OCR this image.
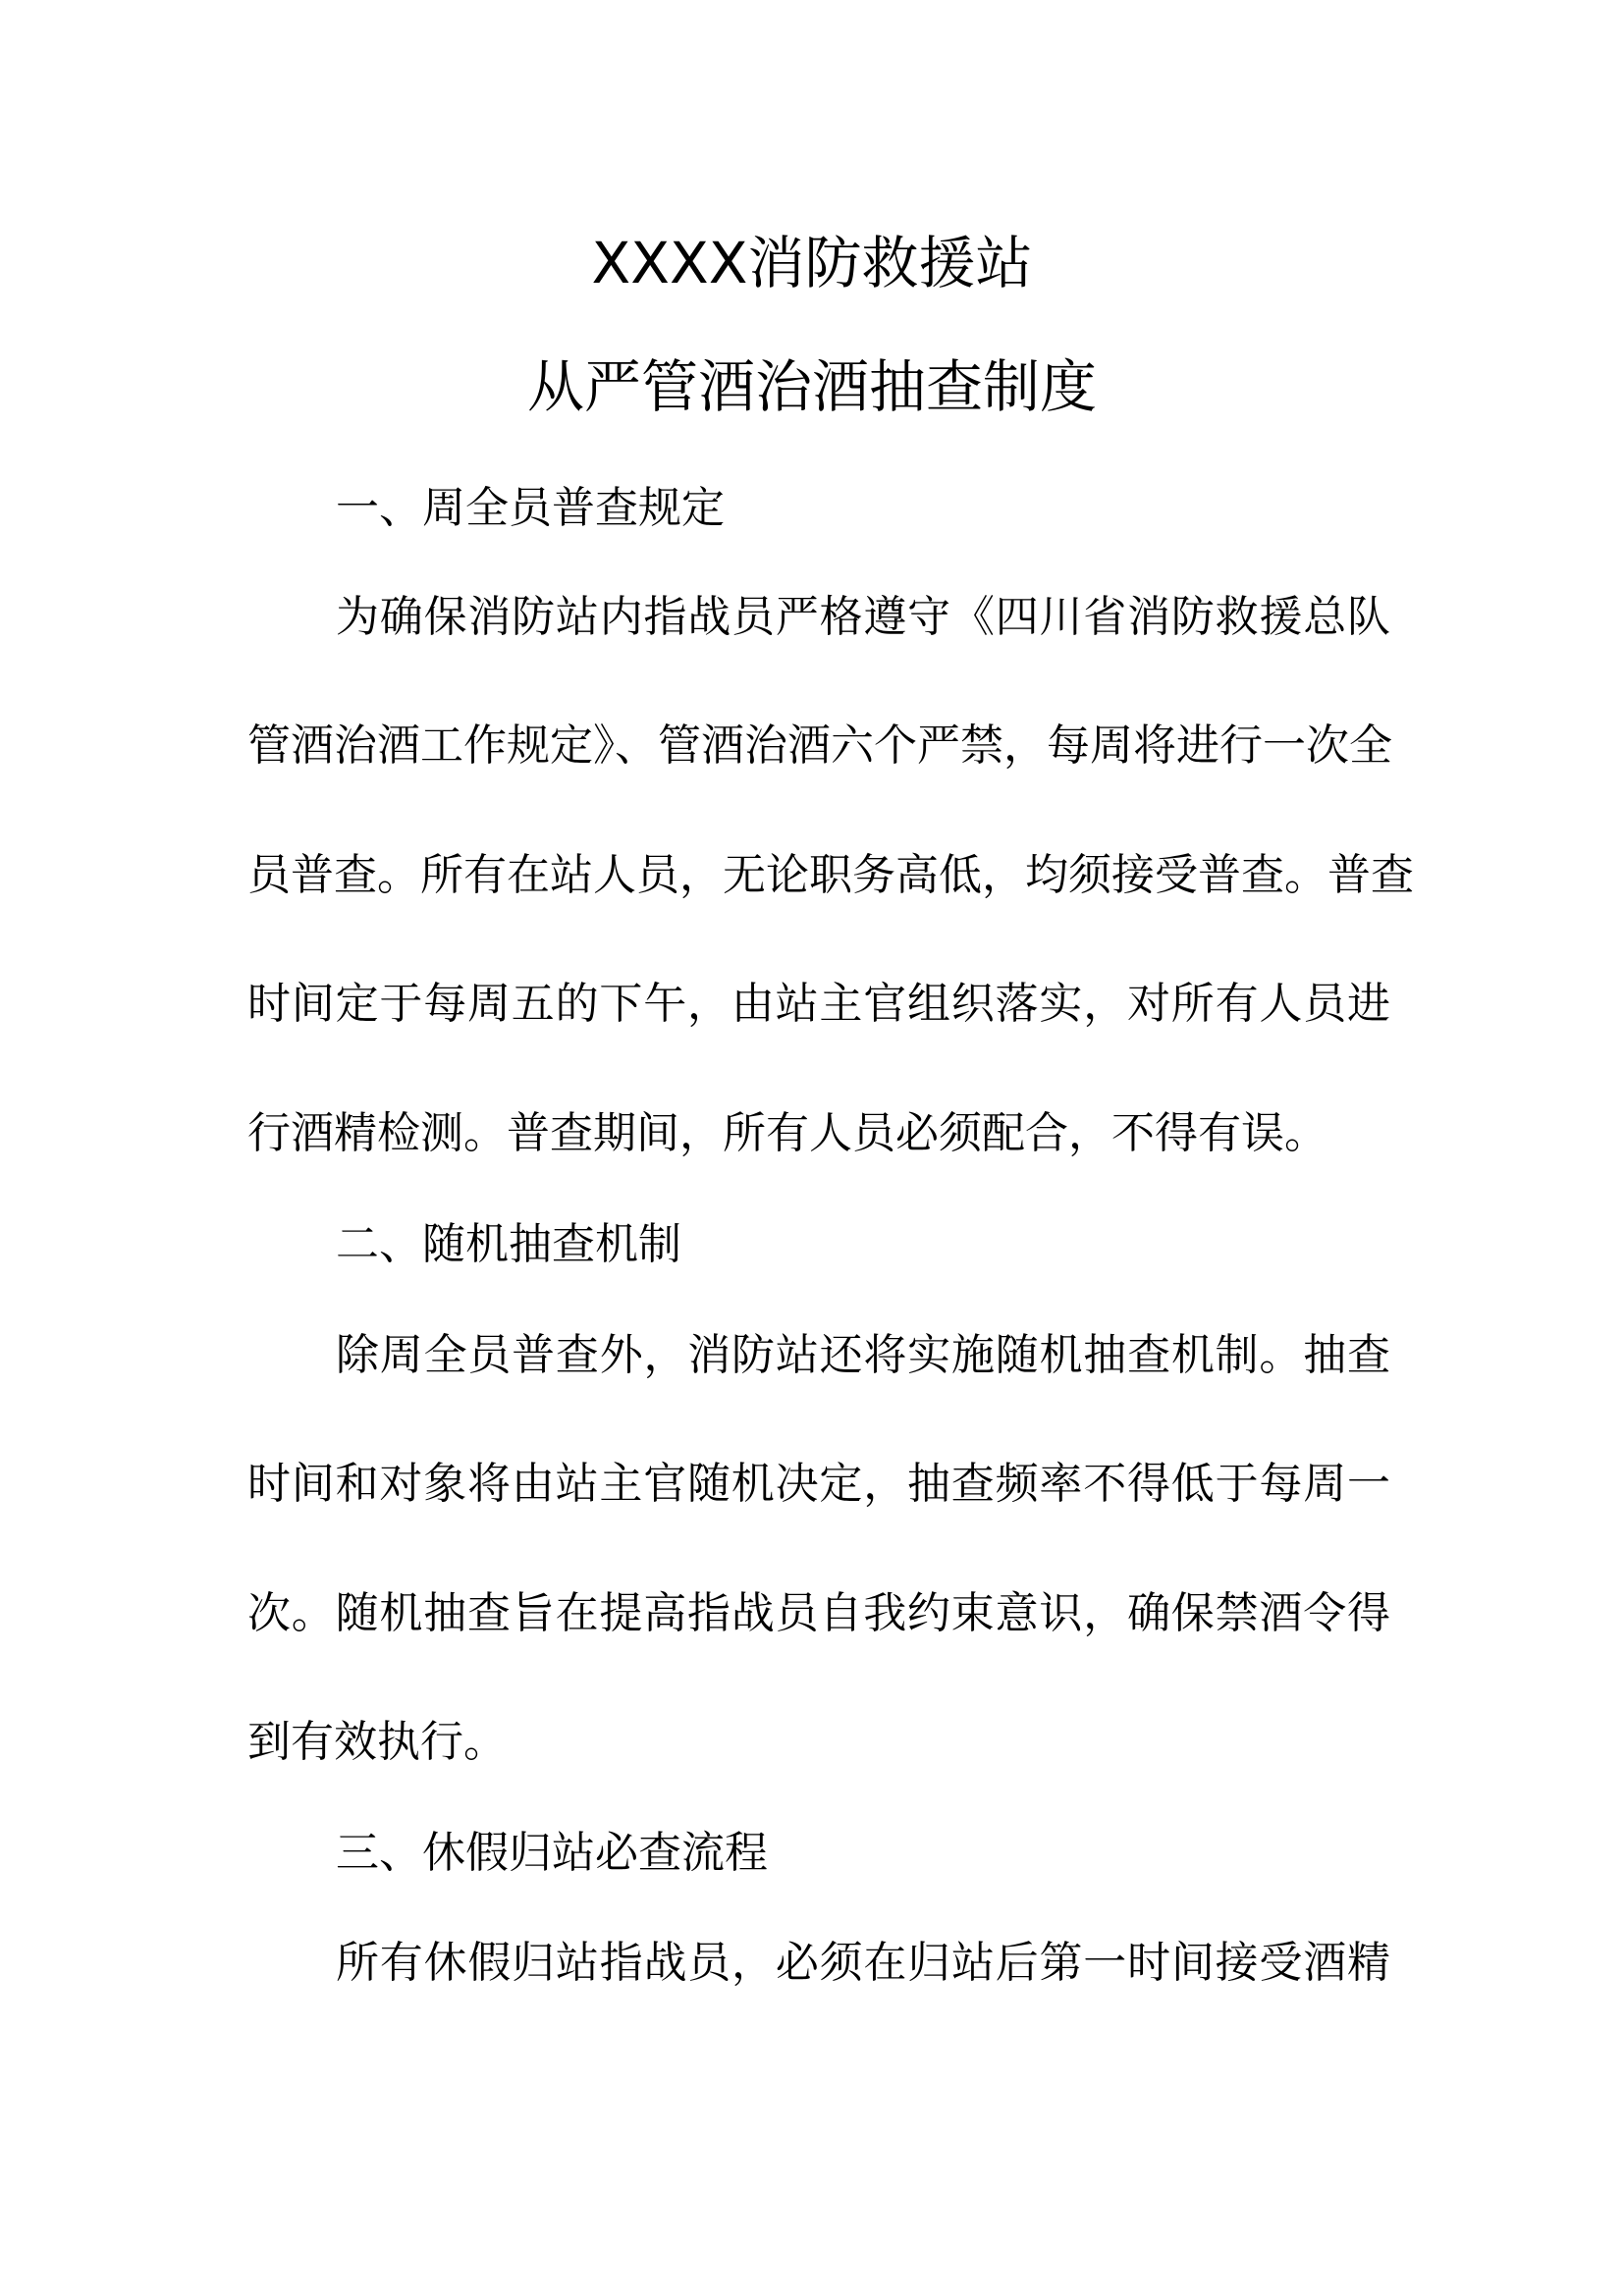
XXXX消防救援站
从严管酒治酒抽查制度
一、周全员普查规定
为确保消防站内指战员严格遵守《四川省消防救援总队
管酒治酒工作规定》、管酒治酒六个严禁，每周将进行一次全
员普查。所有在站人员，无论职务高低，均须接受普查。普查
时间定于每周五的下午，由站主官组织落实，对所有人员进
行酒精检测。普查期间，所有人员必须配合，不得有误。
二、随机抽查机制
除周全员普查外，消防站还将实施随机抽查机制。抽查
时间和对象将由站主官随机决定，抽查频率不得低于每周一
次。随机抽查旨在提高指战员自我约束意识，确保禁酒令得
到有效执行。
三、休假归站必查流程
所有休假归站指战员，必须在归站后第一时间接受酒精
